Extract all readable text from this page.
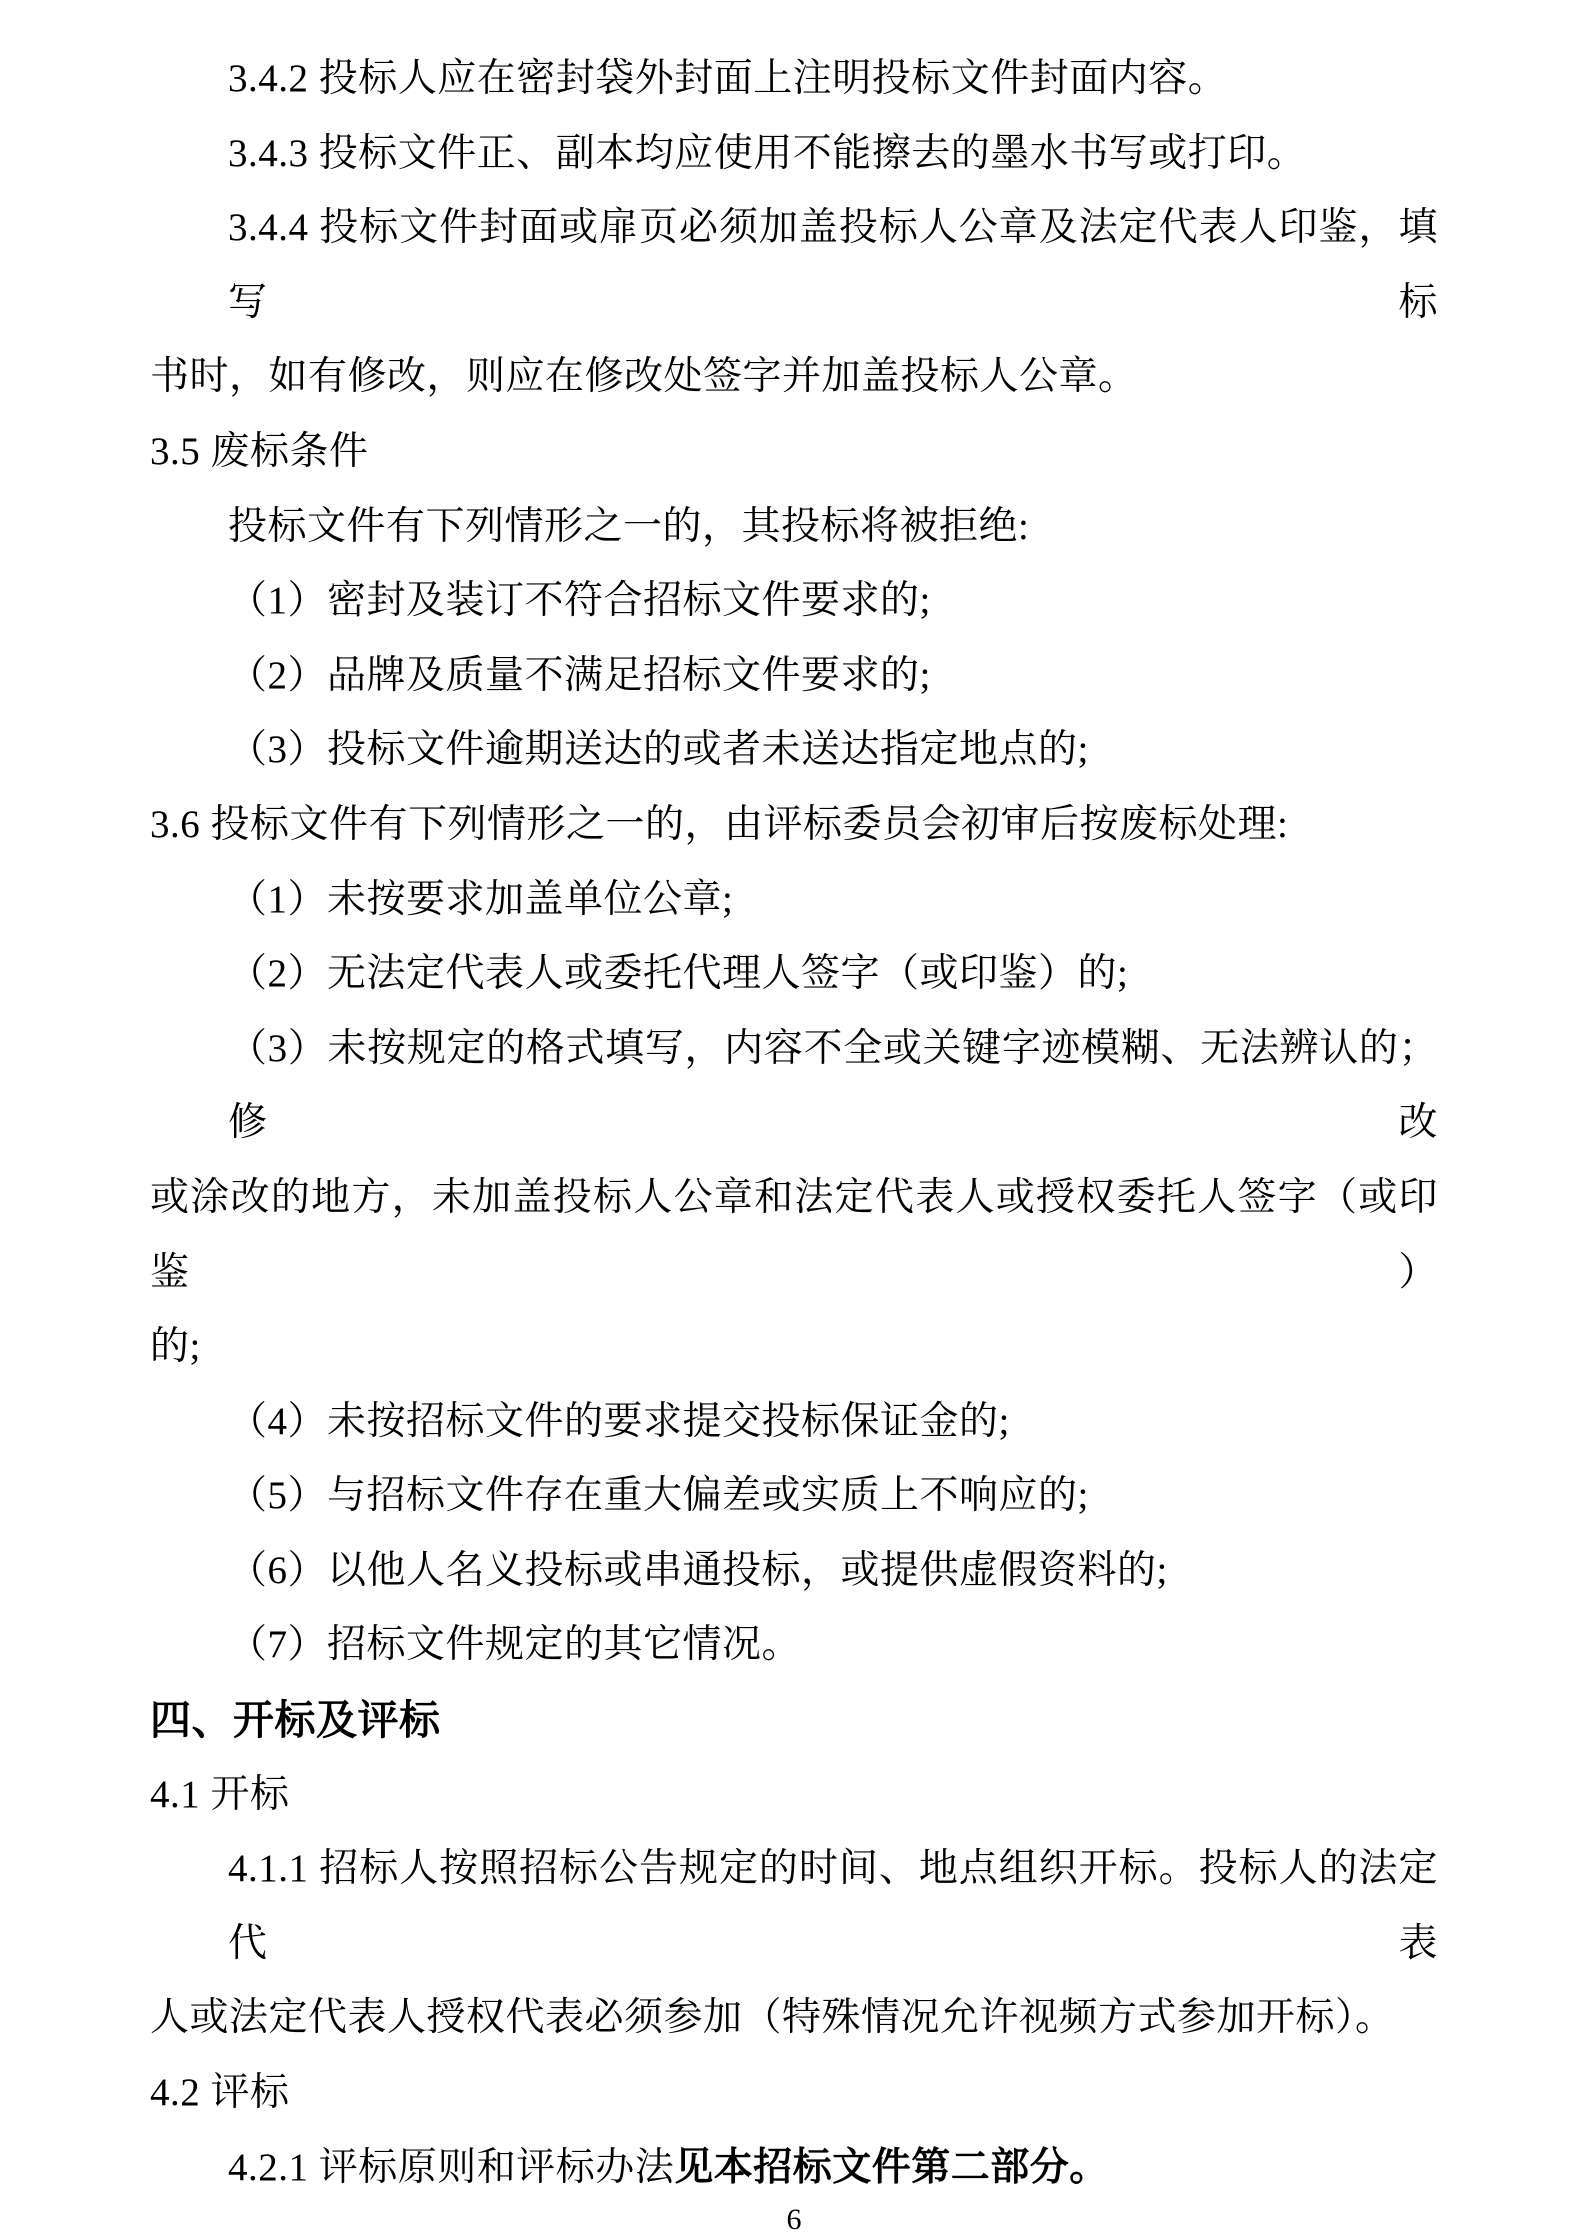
3.4.2 投标人应在密封袋外封面上注明投标文件封面内容。
3.4.3 投标文件正、副本均应使用不能擦去的墨水书写或打印。
3.4.4 投标文件封面或扉页必须加盖投标人公章及法定代表人印鉴，填写标
书时，如有修改，则应在修改处签字并加盖投标人公章。
3.5 废标条件
投标文件有下列情形之一的，其投标将被拒绝:
（1）密封及装订不符合招标文件要求的;
（2）品牌及质量不满足招标文件要求的;
（3）投标文件逾期送达的或者未送达指定地点的;
3.6 投标文件有下列情形之一的，由评标委员会初审后按废标处理:
（1）未按要求加盖单位公章;
（2）无法定代表人或委托代理人签字（或印鉴）的;
（3）未按规定的格式填写，内容不全或关键字迹模糊、无法辨认的；修改
或涂改的地方，未加盖投标人公章和法定代表人或授权委托人签字（或印鉴）
的;
（4）未按招标文件的要求提交投标保证金的;
（5）与招标文件存在重大偏差或实质上不响应的;
（6）以他人名义投标或串通投标，或提供虚假资料的;
（7）招标文件规定的其它情况。
四、开标及评标
4.1 开标
4.1.1 招标人按照招标公告规定的时间、地点组织开标。投标人的法定代表
人或法定代表人授权代表必须参加（特殊情况允许视频方式参加开标）。
4.2 评标
4.2.1 评标原则和评标办法见本招标文件第二部分。
6
